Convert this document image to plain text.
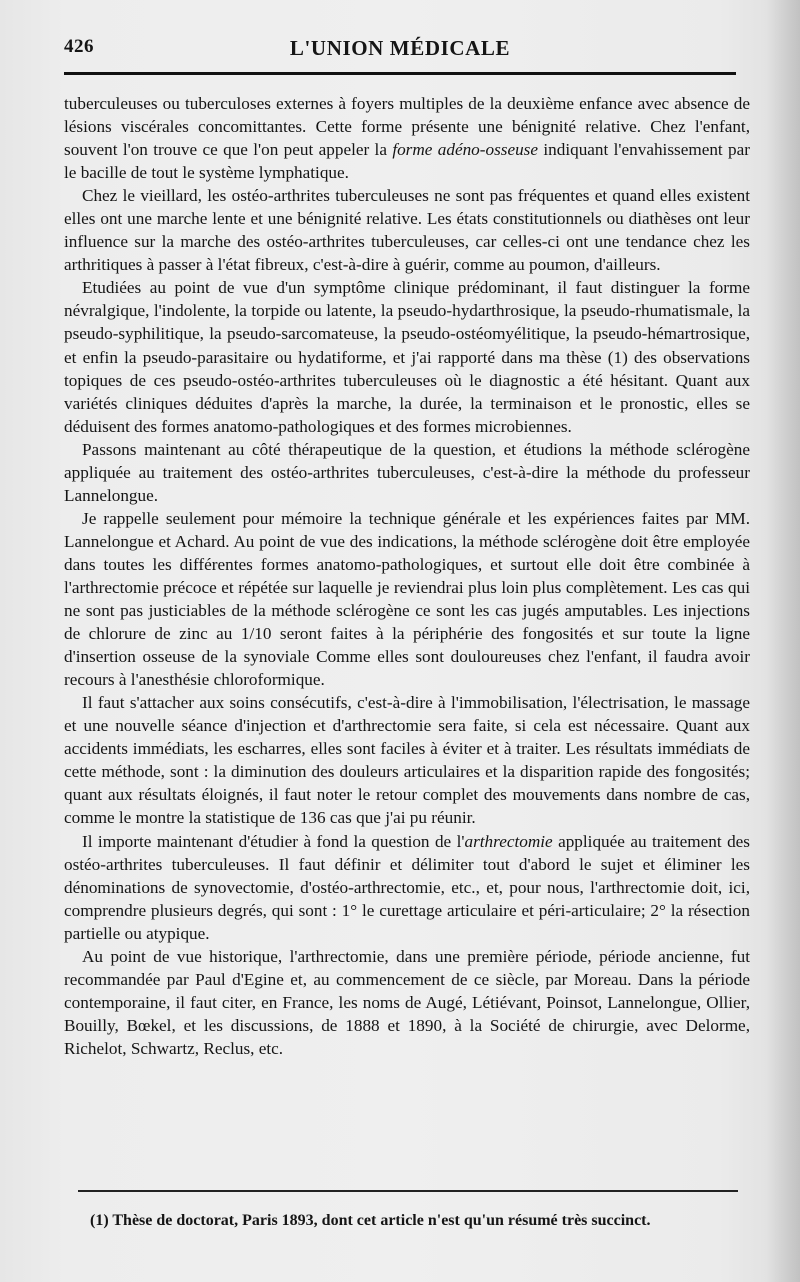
426	L'UNION MÉDICALE

tuberculeuses ou tuberculoses externes à foyers multiples de la deuxième enfance avec absence de lésions viscérales concomittantes. Cette forme présente une bénignité relative. Chez l'enfant, souvent l'on trouve ce que l'on peut appeler la forme adéno-osseuse indiquant l'envahissement par le bacille de tout le système lymphatique.

Chez le vieillard, les ostéo-arthrites tuberculeuses ne sont pas fréquentes et quand elles existent elles ont une marche lente et une bénignité relative. Les états constitutionnels ou diathèses ont leur influence sur la marche des ostéo-arthrites tuberculeuses, car celles-ci ont une tendance chez les arthritiques à passer à l'état fibreux, c'est-à-dire à guérir, comme au poumon, d'ailleurs.

Etudiées au point de vue d'un symptôme clinique prédominant, il faut distinguer la forme névralgique, l'indolente, la torpide ou latente, la pseudo-hydarthrosique, la pseudo-rhumatismale, la pseudo-syphilitique, la pseudo-sarcomateuse, la pseudo-ostéomyélitique, la pseudo-hémartrosique, et enfin la pseudo-parasitaire ou hydatiforme, et j'ai rapporté dans ma thèse (1) des observations topiques de ces pseudo-ostéo-arthrites tuberculeuses où le diagnostic a été hésitant. Quant aux variétés cliniques déduites d'après la marche, la durée, la terminaison et le pronostic, elles se déduisent des formes anatomo-pathologiques et des formes microbiennes.

Passons maintenant au côté thérapeutique de la question, et étudions la méthode sclérogène appliquée au traitement des ostéo-arthrites tuberculeuses, c'est-à-dire la méthode du professeur Lannelongue.

Je rappelle seulement pour mémoire la technique générale et les expériences faites par MM. Lannelongue et Achard. Au point de vue des indications, la méthode sclérogène doit être employée dans toutes les différentes formes anatomo-pathologiques, et surtout elle doit être combinée à l'arthrectomie précoce et répétée sur laquelle je reviendrai plus loin plus complètement. Les cas qui ne sont pas justiciables de la méthode sclérogène ce sont les cas jugés amputables. Les injections de chlorure de zinc au 1/10 seront faites à la périphérie des fongosités et sur toute la ligne d'insertion osseuse de la synoviale Comme elles sont douloureuses chez l'enfant, il faudra avoir recours à l'anesthésie chloroformique.

Il faut s'attacher aux soins consécutifs, c'est-à-dire à l'immobilisation, l'électrisation, le massage et une nouvelle séance d'injection et d'arthrectomie sera faite, si cela est nécessaire. Quant aux accidents immédiats, les escharres, elles sont faciles à éviter et à traiter. Les résultats immédiats de cette méthode, sont : la diminution des douleurs articulaires et la disparition rapide des fongosités; quant aux résultats éloignés, il faut noter le retour complet des mouvements dans nombre de cas, comme le montre la statistique de 136 cas que j'ai pu réunir.

Il importe maintenant d'étudier à fond la question de l'arthrectomie appliquée au traitement des ostéo-arthrites tuberculeuses. Il faut définir et délimiter tout d'abord le sujet et éliminer les dénominations de synovectomie, d'ostéo-arthrectomie, etc., et, pour nous, l'arthrectomie doit, ici, comprendre plusieurs degrés, qui sont : 1° le curettage articulaire et péri-articulaire; 2° la résection partielle ou atypique.

Au point de vue historique, l'arthrectomie, dans une première période, période ancienne, fut recommandée par Paul d'Egine et, au commencement de ce siècle, par Moreau. Dans la période contemporaine, il faut citer, en France, les noms de Augé, Létiévant, Poinsot, Lannelongue, Ollier, Bouilly, Bœkel, et les discussions, de 1888 et 1890, à la Société de chirurgie, avec Delorme, Richelot, Schwartz, Reclus, etc.

(1) Thèse de doctorat, Paris 1893, dont cet article n'est qu'un résumé très succinct.
